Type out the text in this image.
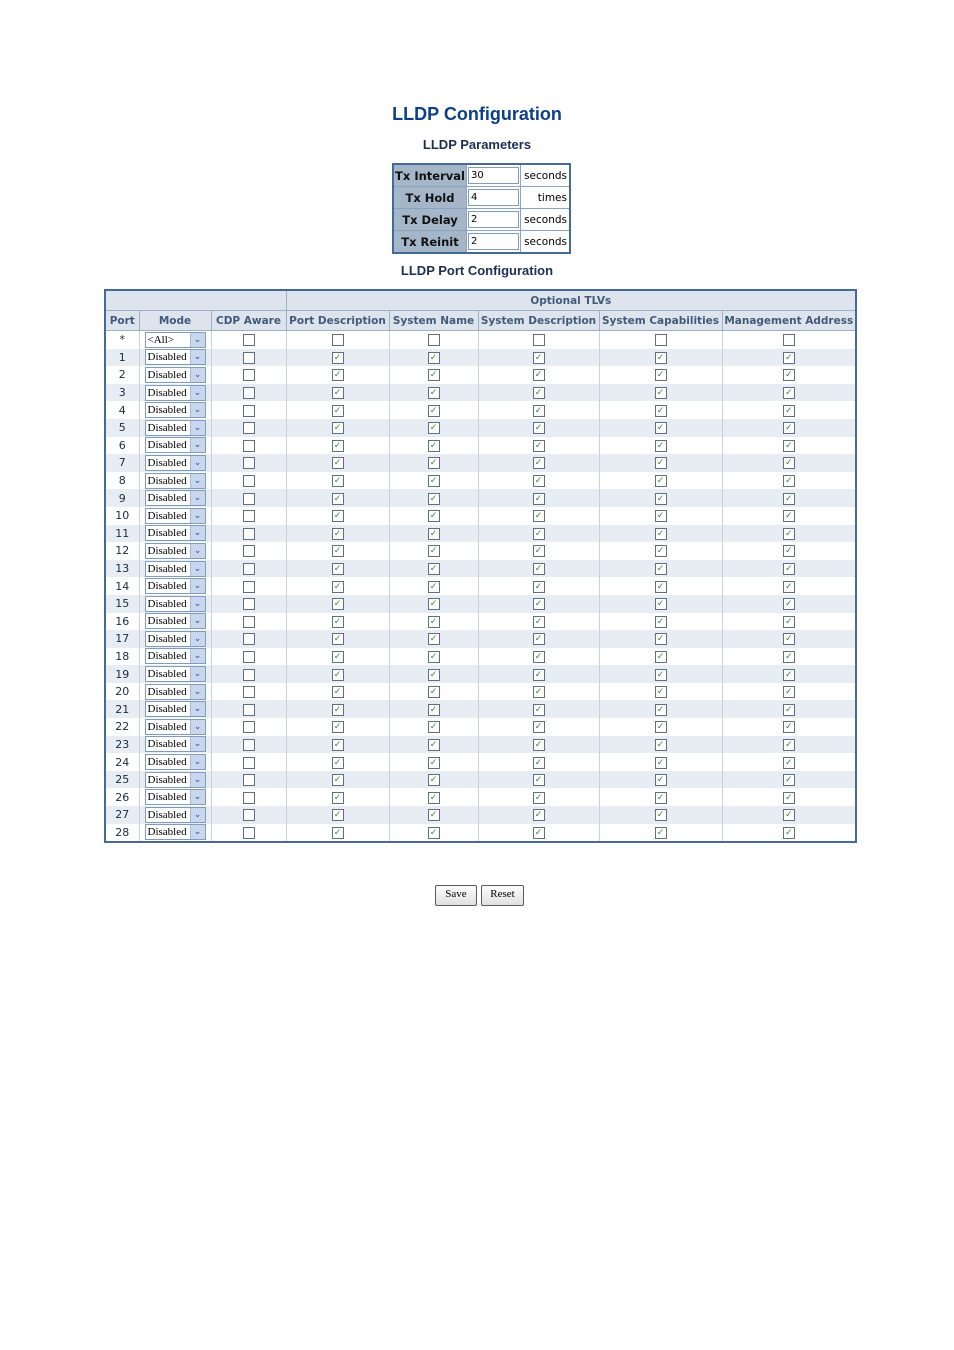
LLDP Configuration
LLDP Parameters
Tx Interval	30	seconds
Tx Hold	4	times
Tx Delay	2	seconds
Tx Reinit	2	seconds
LLDP Port Configuration
			Optional TLVs				
Port	Mode	CDP Aware	Port Description	System Name	System Description	System Capabilities	Management Address
*	<All> ⌄						

1	Disabled ⌄		✓	✓	✓	✓	✓
2	Disabled ⌄		✓	✓	✓	✓	✓
3	Disabled ⌄		✓	✓	✓	✓	✓
4	Disabled ⌄		✓	✓	✓	✓	✓
5	Disabled ⌄		✓	✓	✓	✓	✓
6	Disabled ⌄		✓	✓	✓	✓	✓
7	Disabled ⌄		✓	✓	✓	✓	✓
8	Disabled ⌄		✓	✓	✓	✓	✓
9	Disabled ⌄		✓	✓	✓	✓	✓
10	Disabled ⌄		✓	✓	✓	✓	✓
11	Disabled ⌄		✓	✓	✓	✓	✓
12	Disabled ⌄		✓	✓	✓	✓	✓
13	Disabled ⌄		✓	✓	✓	✓	✓
14	Disabled ⌄		✓	✓	✓	✓	✓
15	Disabled ⌄		✓	✓	✓	✓	✓
16	Disabled ⌄		✓	✓	✓	✓	✓
17	Disabled ⌄		✓	✓	✓	✓	✓
18	Disabled ⌄		✓	✓	✓	✓	✓
19	Disabled ⌄		✓	✓	✓	✓	✓
20	Disabled ⌄		✓	✓	✓	✓	✓
21	Disabled ⌄		✓	✓	✓	✓	✓
22	Disabled ⌄		✓	✓	✓	✓	✓
23	Disabled ⌄		✓	✓	✓	✓	✓
24	Disabled ⌄		✓	✓	✓	✓	✓
25	Disabled ⌄		✓	✓	✓	✓	✓
26	Disabled ⌄		✓	✓	✓	✓	✓
27	Disabled ⌄		✓	✓	✓	✓	✓
28	Disabled ⌄		✓	✓	✓	✓	✓
Save	Reset
